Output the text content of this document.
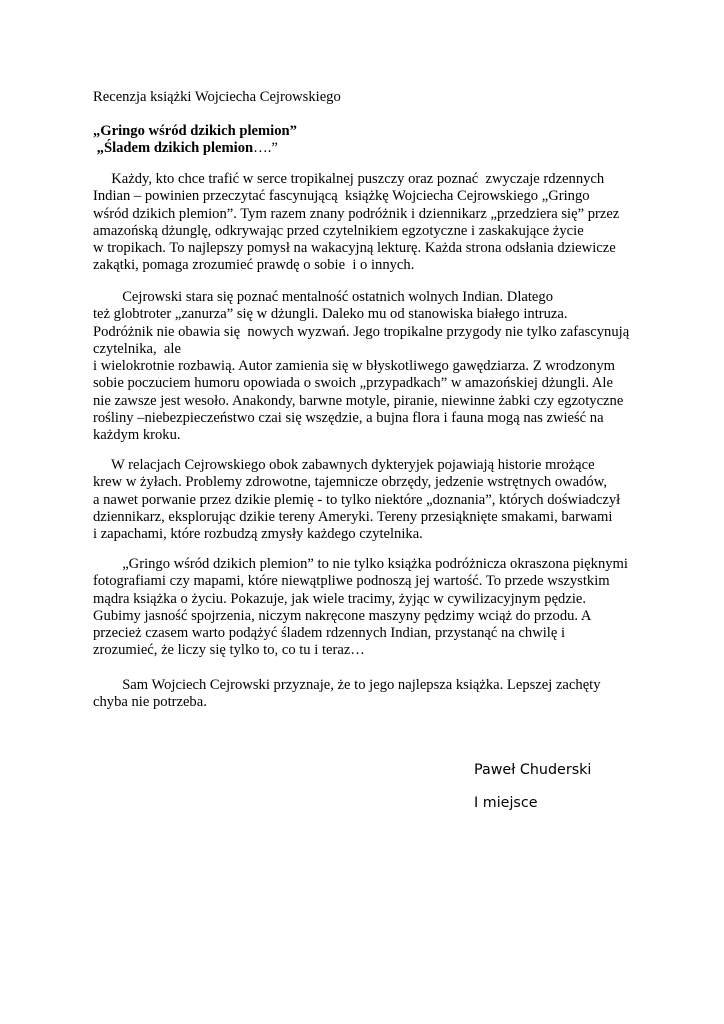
Recenzja książki Wojciecha Cejrowskiego
„Gringo wśród dzikich plemion”
„Śladem dzikich plemion….”
Każdy, kto chce trafić w serce tropikalnej puszczy oraz poznać  zwyczaje rdzennych
Indian – powinien przeczytać fascynującą  książkę Wojciecha Cejrowskiego „Gringo
wśród dzikich plemion”. Tym razem znany podróżnik i dziennikarz „przedziera się” przez
amazońską dżunglę, odkrywając przed czytelnikiem egzotyczne i zaskakujące życie
w tropikach. To najlepszy pomysł na wakacyjną lekturę. Każda strona odsłania dziewicze
zakątki, pomaga zrozumieć prawdę o sobie  i o innych.
Cejrowski stara się poznać mentalność ostatnich wolnych Indian. Dlatego
też globtroter „zanurza” się w dżungli. Daleko mu od stanowiska białego intruza.
Podróżnik nie obawia się  nowych wyzwań. Jego tropikalne przygody nie tylko zafascynują
czytelnika,  ale
i wielokrotnie rozbawią. Autor zamienia się w błyskotliwego gawędziarza. Z wrodzonym
sobie poczuciem humoru opowiada o swoich „przypadkach” w amazońskiej dżungli. Ale
nie zawsze jest wesoło. Anakondy, barwne motyle, piranie, niewinne żabki czy egzotyczne
rośliny –niebezpieczeństwo czai się wszędzie, a bujna flora i fauna mogą nas zwieść na
każdym kroku.
W relacjach Cejrowskiego obok zabawnych dykteryjek pojawiają historie mrożące
krew w żyłach. Problemy zdrowotne, tajemnicze obrzędy, jedzenie wstrętnych owadów,
a nawet porwanie przez dzikie plemię - to tylko niektóre „doznania”, których doświadczył
dziennikarz, eksplorując dzikie tereny Ameryki. Tereny przesiąknięte smakami, barwami
i zapachami, które rozbudzą zmysły każdego czytelnika.
„Gringo wśród dzikich plemion” to nie tylko książka podróżnicza okraszona pięknymi
fotografiami czy mapami, które niewątpliwe podnoszą jej wartość. To przede wszystkim
mądra książka o życiu. Pokazuje, jak wiele tracimy, żyjąc w cywilizacyjnym pędzie.
Gubimy jasność spojrzenia, niczym nakręcone maszyny pędzimy wciąż do przodu. A
przecież czasem warto podążyć śladem rdzennych Indian, przystanąć na chwilę i
zrozumieć, że liczy się tylko to, co tu i teraz…
Sam Wojciech Cejrowski przyznaje, że to jego najlepsza książka. Lepszej zachęty
chyba nie potrzeba.
Paweł Chuderski
I miejsce
